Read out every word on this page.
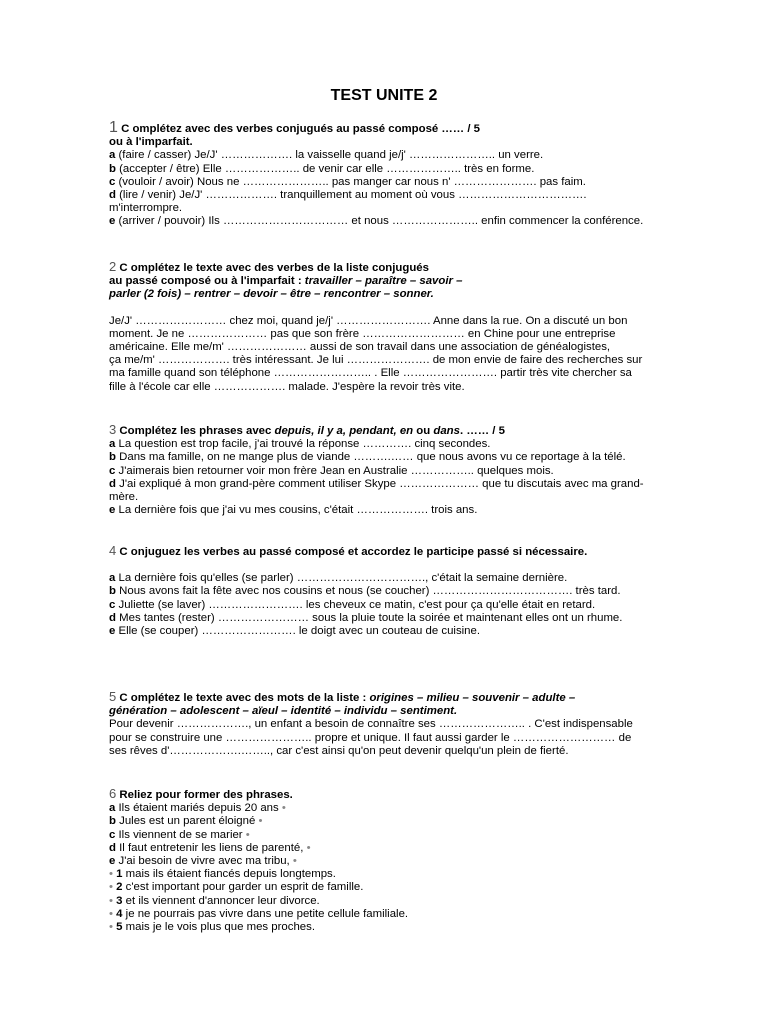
TEST UNITE 2

1 C omplétez avec des verbes conjugués au passé composé …… / 5

ou à l'imparfait.

a (faire / casser) Je/J' ………………. la vaisselle quand je/j' ………………….. un verre.

b (accepter / être) Elle ……………….. de venir car elle ……………….. très en forme.

c (vouloir / avoir) Nous ne ………………….. pas manger car nous n' …………………. pas faim.

d (lire / venir) Je/J' ………………. tranquillement au moment où vous ……………………………. m'interrompre.

e (arriver / pouvoir) Ils …………………………… et nous ………………….. enfin commencer la conférence.

2 C omplétez le texte avec des verbes de la liste conjugués

au passé composé ou à l'imparfait : travailler – paraître – savoir –

parler (2 fois) – rentrer – devoir – être – rencontrer – sonner.

Je/J' …………………… chez moi, quand je/j' ……………………. Anne dans la rue. On a discuté un bon moment. Je ne ………………… pas que son frère ……………………… en Chine pour une entreprise américaine. Elle me/m' ………………… aussi de son travail dans une association de généalogistes,

ça me/m' ………………. très intéressant. Je lui …………………. de mon envie de faire des recherches sur ma famille quand son téléphone …………………….. . Elle ……………………. partir très vite chercher sa fille à l'école car elle ………………. malade. J'espère la revoir très vite.

3 Complétez les phrases avec depuis, il y a, pendant, en ou dans. …… / 5

a La question est trop facile, j'ai trouvé la réponse …………. cinq secondes.

b Dans ma famille, on ne mange plus de viande ……….…… que nous avons vu ce reportage à la télé.

c J'aimerais bien retourner voir mon frère Jean en Australie …………….. quelques mois.

d J'ai expliqué à mon grand-père comment utiliser Skype ………………… que tu discutais avec ma grand-mère.

e La dernière fois que j'ai vu mes cousins, c'était ………………. trois ans.

4 C onjuguez les verbes au passé composé et accordez le participe passé si nécessaire.

a La dernière fois qu'elles (se parler) ……………………………., c'était la semaine dernière.

b Nous avons fait la fête avec nos cousins et nous (se coucher) ………………………………. très tard.

c Juliette (se laver) ……………………. les cheveux ce matin, c'est pour ça qu'elle était en retard.

d Mes tantes (rester) …………………… sous la pluie toute la soirée et maintenant elles ont un rhume.

e Elle (se couper) ……………………. le doigt avec un couteau de cuisine.

5 C omplétez le texte avec des mots de la liste : origines – milieu – souvenir – adulte –

génération – adolescent – aïeul – identité – individu – sentiment.

Pour devenir ………………., un enfant a besoin de connaître ses ………………….. . C'est indispensable pour se construire une ………………….. propre et unique. Il faut aussi garder le ……………………… de ses rêves d'……………….…….., car c'est ainsi qu'on peut devenir quelqu'un plein de fierté.

6 Reliez pour former des phrases.

a Ils étaient mariés depuis 20 ans •

b Jules est un parent éloigné •

c Ils viennent de se marier •

d Il faut entretenir les liens de parenté, •

e J'ai besoin de vivre avec ma tribu, •

• 1 mais ils étaient fiancés depuis longtemps.

• 2 c'est important pour garder un esprit de famille.

• 3 et ils viennent d'annoncer leur divorce.

• 4 je ne pourrais pas vivre dans une petite cellule familiale.

• 5 mais je le vois plus que mes proches.
